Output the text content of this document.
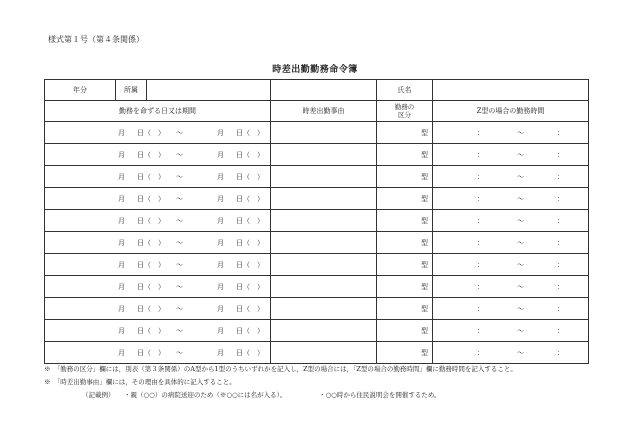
様式第１号（第４条関係）
時差出勤勤務命令簿
年分 所属		氏名	
勤務を命ずる日又は期間	時差出勤事由	勤務の
区分	Z型の場合の勤務時間

月 日（　） ～ 月 日（　）		型	： ～ ：

月 日（　） ～ 月 日（　）		型	： ～ ：

月 日（　） ～ 月 日（　）		型	： ～ ：

月 日（　） ～ 月 日（　）		型	： ～ ：

月 日（　） ～ 月 日（　）		型	： ～ ：

月 日（　） ～ 月 日（　）		型	： ～ ：

月 日（　） ～ 月 日（　）		型	： ～ ：

月 日（　） ～ 月 日（　）		型	： ～ ：

月 日（　） ～ 月 日（　）		型	： ～ ：

月 日（　） ～ 月 日（　）		型	： ～ ：

月 日（　） ～ 月 日（　）		型	： ～ ：
※　「勤務の区分」欄には，別表（第３条関係）のA型から1型のうちいずれかを記入し，Z型の場合には，「Z型の場合の勤務時間」欄に勤務時間を記入すること。
※　「時差出勤事由」欄には，その理由を具体的に記入すること。
（記載例） ・親（○○）の病院送迎のため（※○○には名が入る）。	・○○時から住民説明会を開催するため。
